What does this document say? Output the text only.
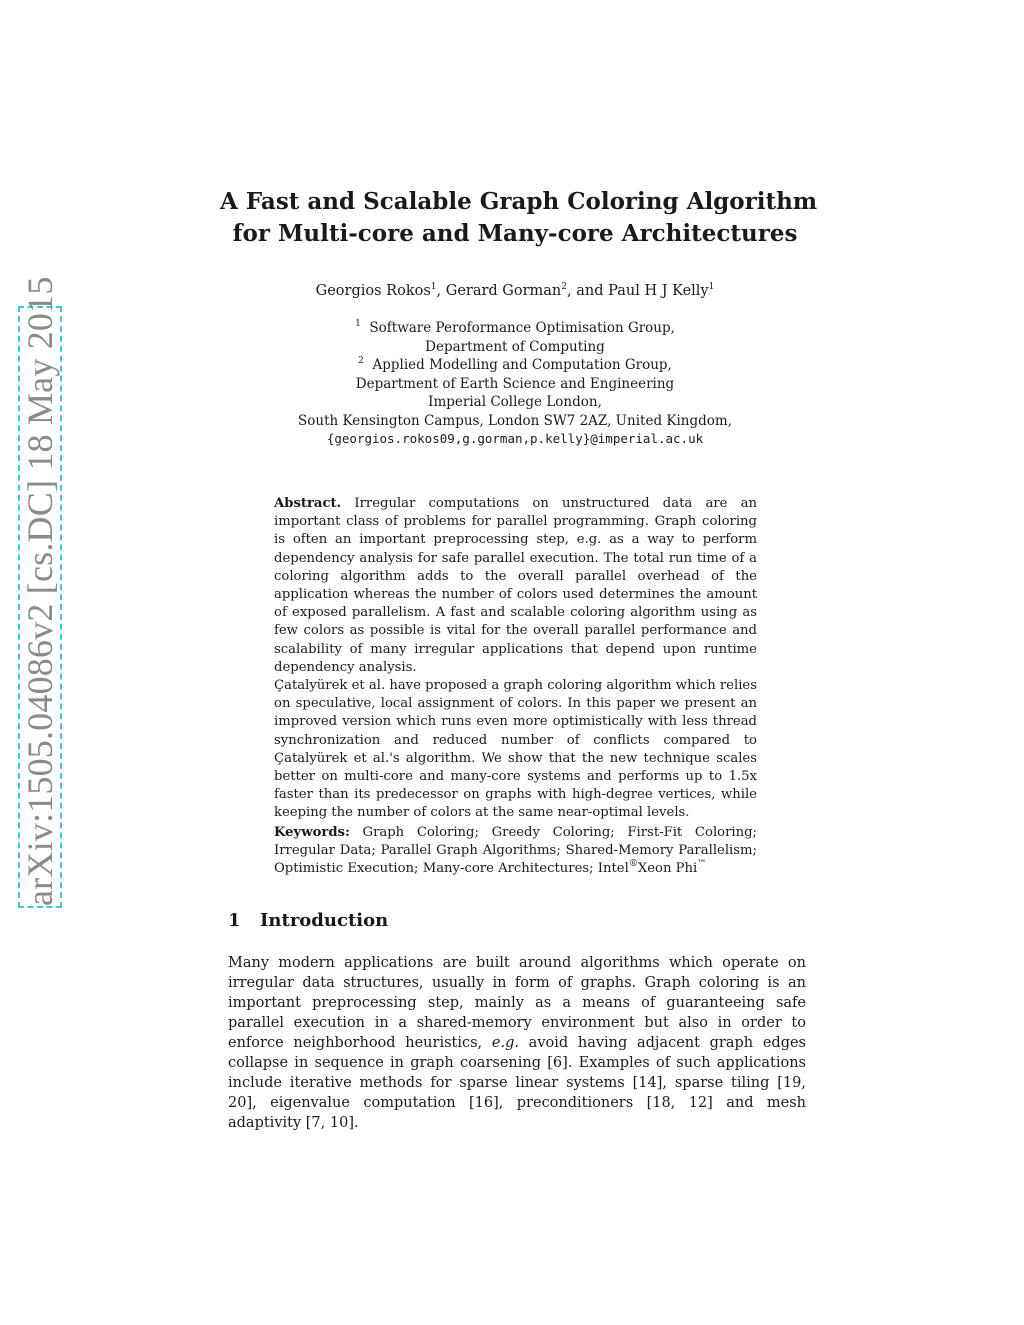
arXiv:1505.04086v2 [cs.DC] 18 May 2015
A Fast and Scalable Graph Coloring Algorithm
for Multi-core and Many-core Architectures
Georgios Rokos$^1$, Gerard Gorman$^2$, and Paul H J Kelly$^1$
$^1$ Software Peroformance Optimisation Group,
Department of Computing
$^2$ Applied Modelling and Computation Group,
Department of Earth Science and Engineering
Imperial College London,
South Kensington Campus, London SW7 2AZ, United Kingdom,
{georgios.rokos09,g.gorman,p.kelly}@imperial.ac.uk

Abstract. Irregular computations on unstructured data are an important class of problems for parallel programming. Graph coloring is often an important preprocessing step, e.g. as a way to perform dependency analysis for safe parallel execution. The total run time of a coloring algorithm adds to the overall parallel overhead of the application whereas the number of colors used determines the amount of exposed parallelism. A fast and scalable coloring algorithm using as few colors as possible is vital for the overall parallel performance and scalability of many irregular applications that depend upon runtime dependency analysis.

Çatalyürek et al. have proposed a graph coloring algorithm which relies on speculative, local assignment of colors. In this paper we present an improved version which runs even more optimistically with less thread synchronization and reduced number of conflicts compared to Çatalyürek et al.'s algorithm. We show that the new technique scales better on multi-core and many-core systems and performs up to 1.5x faster than its predecessor on graphs with high-degree vertices, while keeping the number of colors at the same near-optimal levels.

Keywords: Graph Coloring; Greedy Coloring; First-Fit Coloring; Irregular Data; Parallel Graph Algorithms; Shared-Memory Parallelism; Optimistic Execution; Many-core Architectures; Intel®Xeon Phi™

1 Introduction

Many modern applications are built around algorithms which operate on irregular data structures, usually in form of graphs. Graph coloring is an important preprocessing step, mainly as a means of guaranteeing safe parallel execution in a shared-memory environment but also in order to enforce neighborhood heuristics, e.g. avoid having adjacent graph edges collapse in sequence in graph coarsening [6]. Examples of such applications include iterative methods for sparse linear systems [14], sparse tiling [19, 20], eigenvalue computation [16], preconditioners [18, 12] and mesh adaptivity [7, 10].
